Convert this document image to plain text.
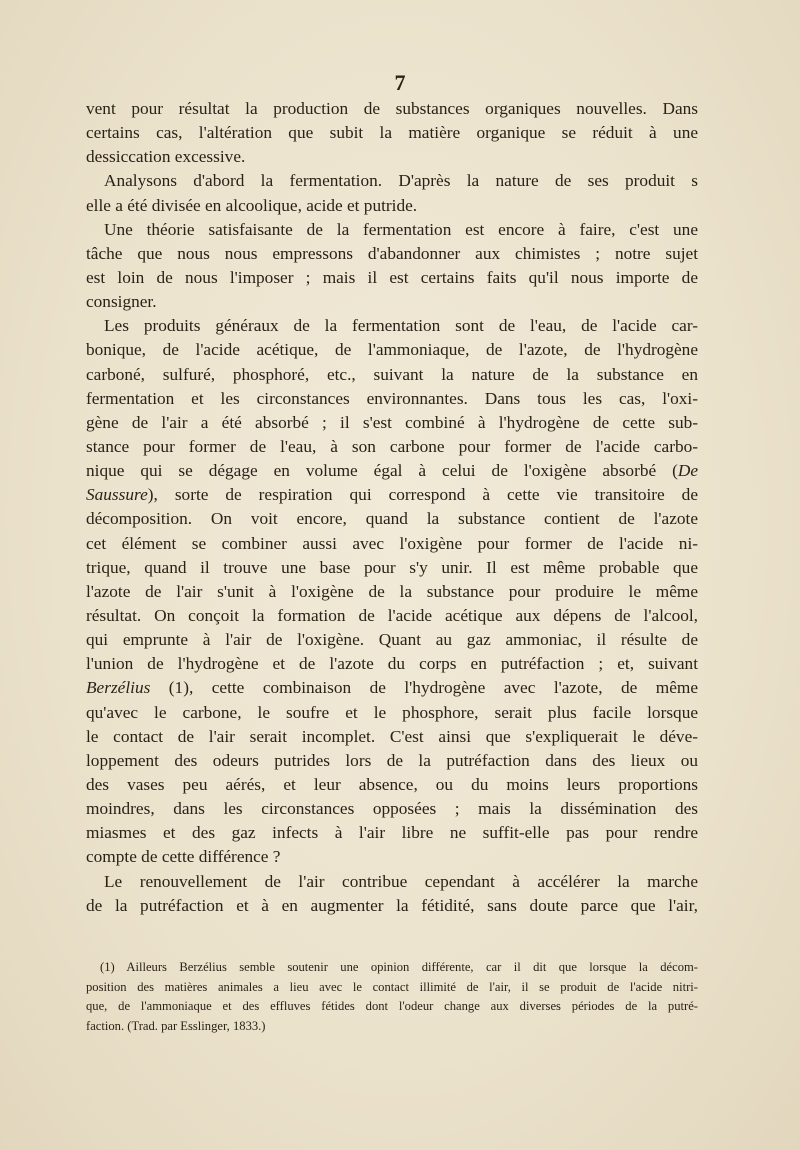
7
vent pour résultat la production de substances organiques nouvelles. Dans
certains cas, l'altération que subit la matière organique se réduit à une
dessiccation excessive.
Analysons d'abord la fermentation. D'après la nature de ses produit s
elle a été divisée en alcoolique, acide et putride.
Une théorie satisfaisante de la fermentation est encore à faire, c'est une
tâche que nous nous empressons d'abandonner aux chimistes ; notre sujet
est loin de nous l'imposer ; mais il est certains faits qu'il nous importe de
consigner.
Les produits généraux de la fermentation sont de l'eau, de l'acide car-
bonique, de l'acide acétique, de l'ammoniaque, de l'azote, de l'hydrogène
carboné, sulfuré, phosphoré, etc., suivant la nature de la substance en
fermentation et les circonstances environnantes. Dans tous les cas, l'oxi-
gène de l'air a été absorbé ; il s'est combiné à l'hydrogène de cette sub-
stance pour former de l'eau, à son carbone pour former de l'acide carbo-
nique qui se dégage en volume égal à celui de l'oxigène absorbé (De
Saussure), sorte de respiration qui correspond à cette vie transitoire de
décomposition. On voit encore, quand la substance contient de l'azote
cet élément se combiner aussi avec l'oxigène pour former de l'acide ni-
trique, quand il trouve une base pour s'y unir. Il est même probable que
l'azote de l'air s'unit à l'oxigène de la substance pour produire le même
résultat. On conçoit la formation de l'acide acétique aux dépens de l'alcool,
qui emprunte à l'air de l'oxigène. Quant au gaz ammoniac, il résulte de
l'union de l'hydrogène et de l'azote du corps en putréfaction ; et, suivant
Berzélius (1), cette combinaison de l'hydrogène avec l'azote, de même
qu'avec le carbone, le soufre et le phosphore, serait plus facile lorsque
le contact de l'air serait incomplet. C'est ainsi que s'expliquerait le déve-
loppement des odeurs putrides lors de la putréfaction dans des lieux ou
des vases peu aérés, et leur absence, ou du moins leurs proportions
moindres, dans les circonstances opposées ; mais la dissémination des
miasmes et des gaz infects à l'air libre ne suffit-elle pas pour rendre
compte de cette différence ?
Le renouvellement de l'air contribue cependant à accélérer la marche
de la putréfaction et à en augmenter la fétidité, sans doute parce que l'air,
(1) Ailleurs Berzélius semble soutenir une opinion différente, car il dit que lorsque la décom-
position des matières animales a lieu avec le contact illimité de l'air, il se produit de l'acide nitri-
que, de l'ammoniaque et des effluves fétides dont l'odeur change aux diverses périodes de la putré-
faction. (Trad. par Esslinger, 1833.)
